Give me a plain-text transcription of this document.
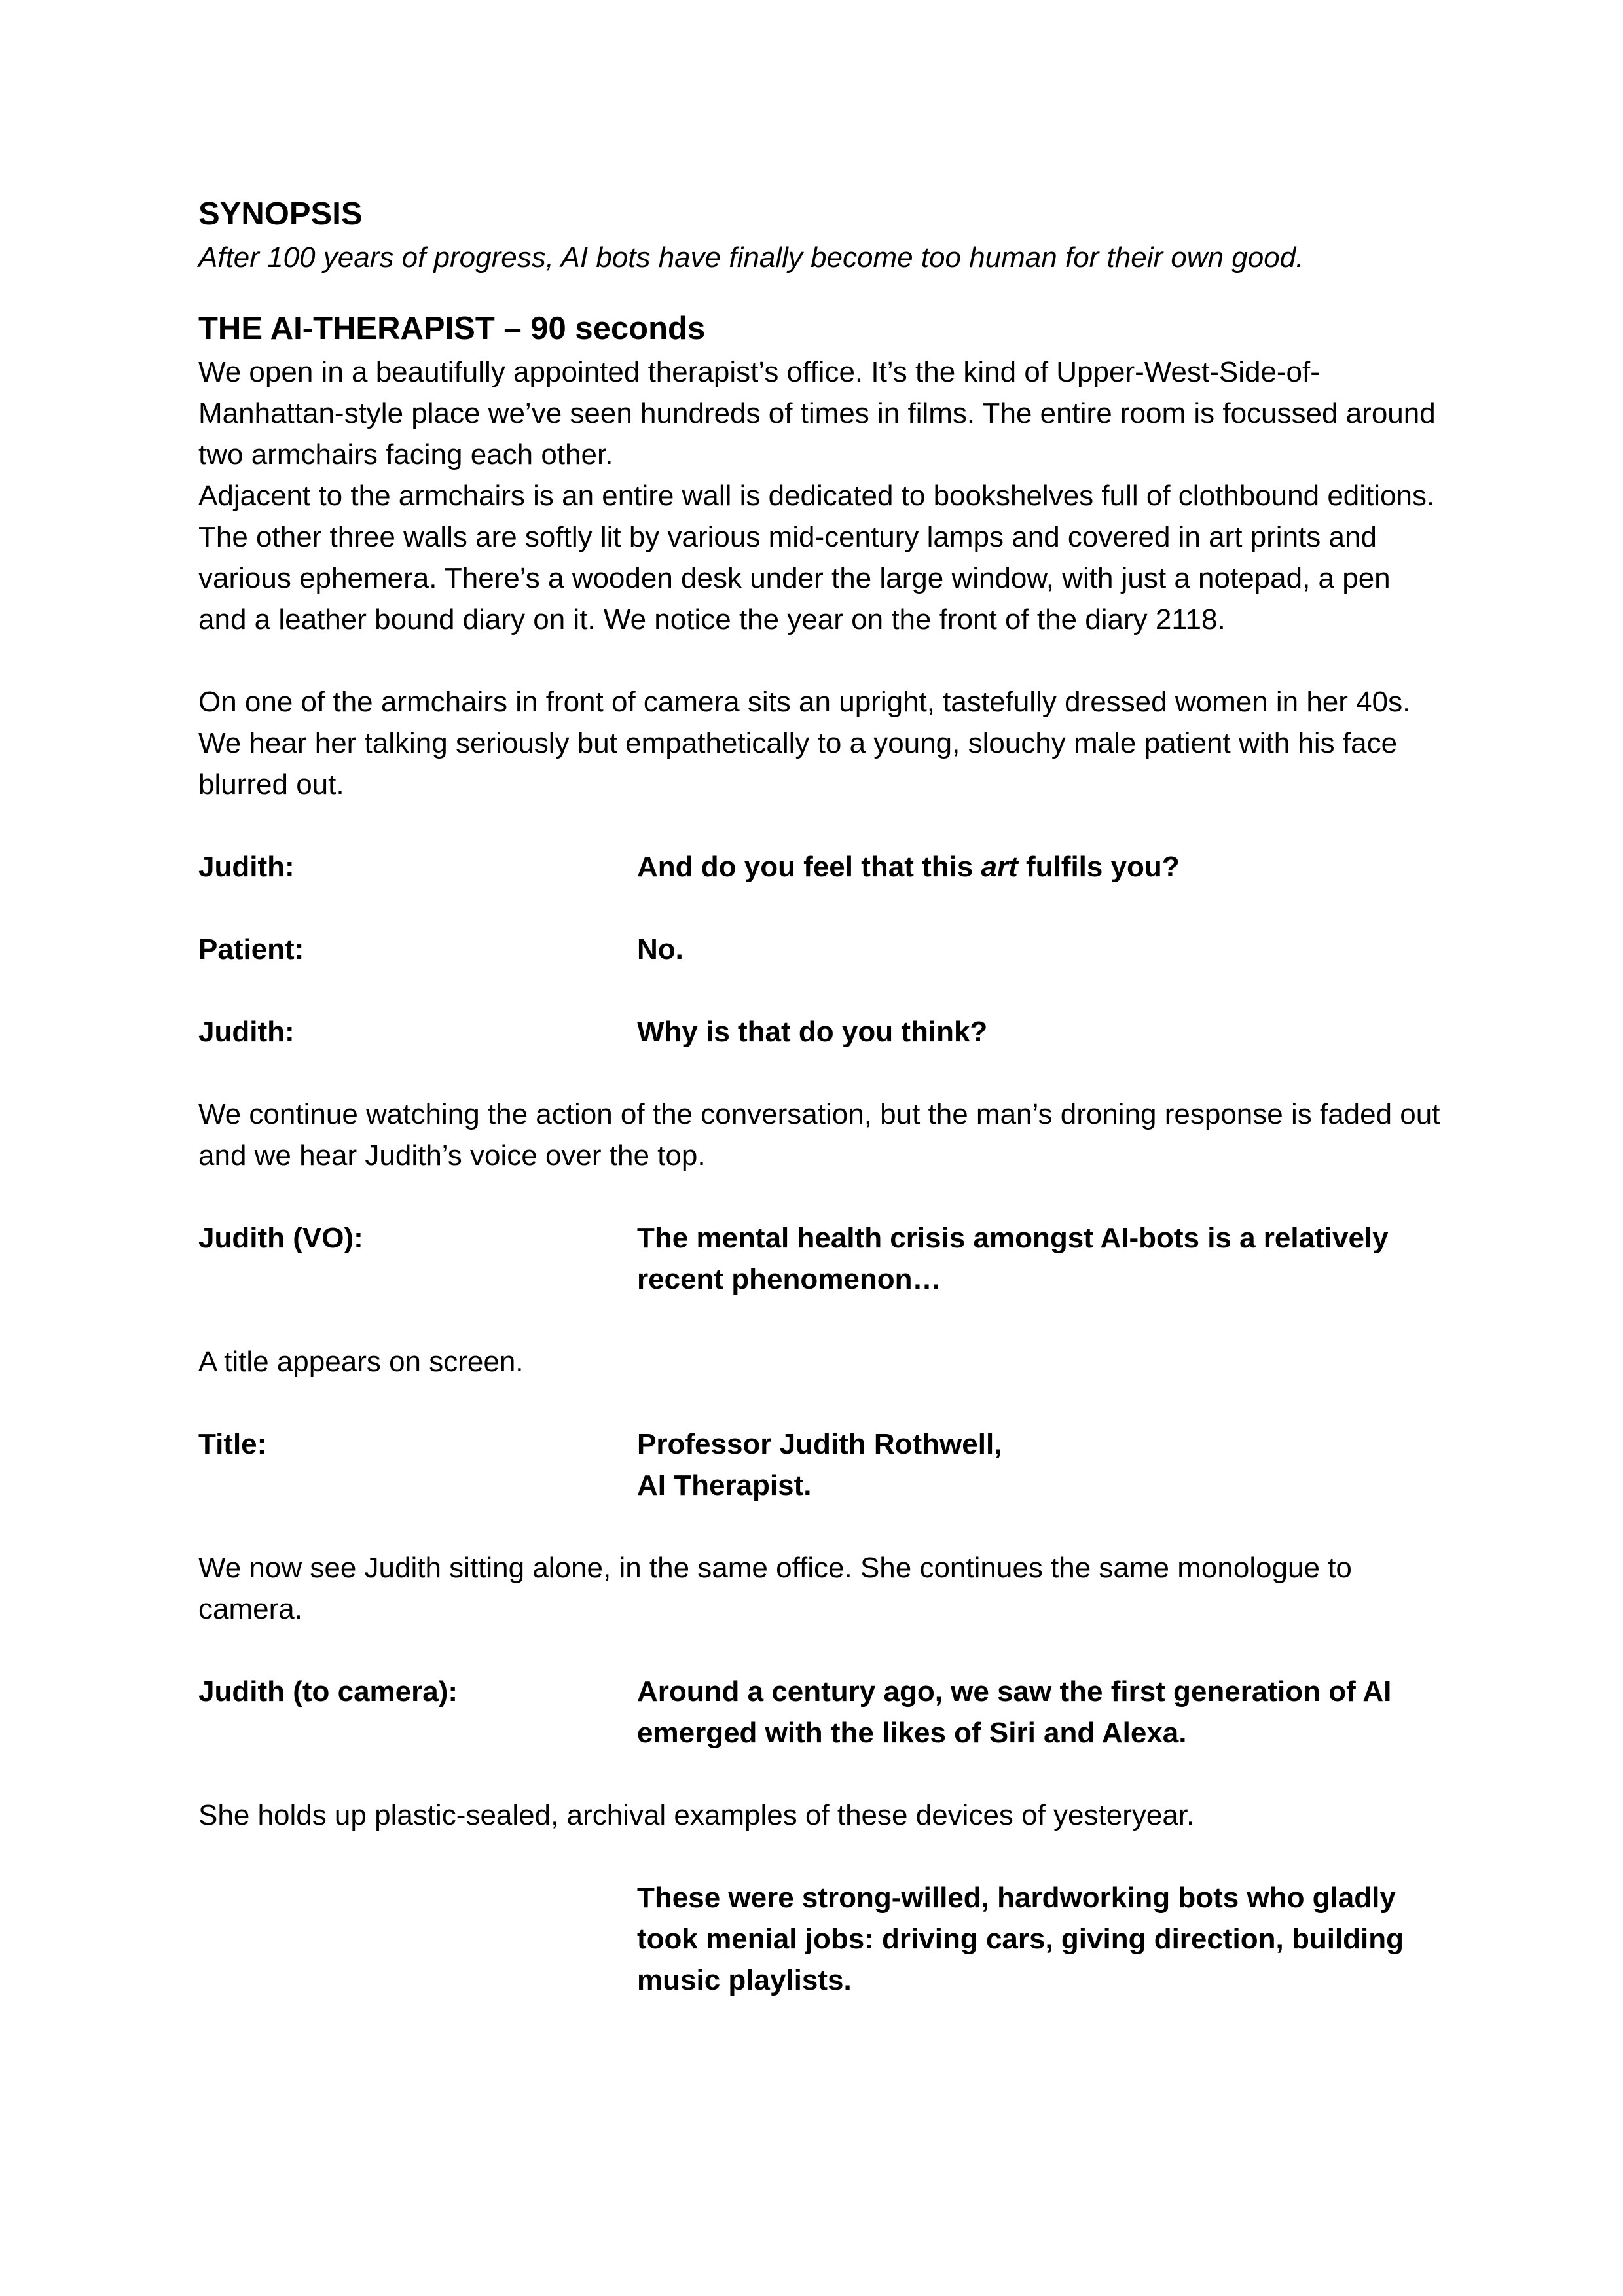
SYNOPSIS

After 100 years of progress, AI bots have finally become too human for their own good.

THE AI-THERAPIST – 90 seconds

We open in a beautifully appointed therapist’s office. It’s the kind of Upper-West-Side-of-Manhattan-style place we’ve seen hundreds of times in films. The entire room is focussed around two armchairs facing each other.

Adjacent to the armchairs is an entire wall is dedicated to bookshelves full of clothbound editions. The other three walls are softly lit by various mid-century lamps and covered in art prints and various ephemera. There’s a wooden desk under the large window, with just a notepad, a pen and a leather bound diary on it. We notice the year on the front of the diary 2118.

On one of the armchairs in front of camera sits an upright, tastefully dressed women in her 40s. We hear her talking seriously but empathetically to a young, slouchy male patient with his face blurred out.

Judith:	And do you feel that this art fulfils you?
Patient:	No.
Judith:	Why is that do you think?

We continue watching the action of the conversation, but the man’s droning response is faded out and we hear Judith’s voice over the top.

Judith (VO):	The mental health crisis amongst AI-bots is a relatively recent phenomenon…

A title appears on screen.

Title:	Professor Judith Rothwell,
AI Therapist.

We now see Judith sitting alone, in the same office. She continues the same monologue to camera.

Judith (to camera):	Around a century ago, we saw the first generation of AI emerged with the likes of Siri and Alexa.

She holds up plastic-sealed, archival examples of these devices of yesteryear.

These were strong-willed, hardworking bots who gladly took menial jobs: driving cars, giving direction, building music playlists.
